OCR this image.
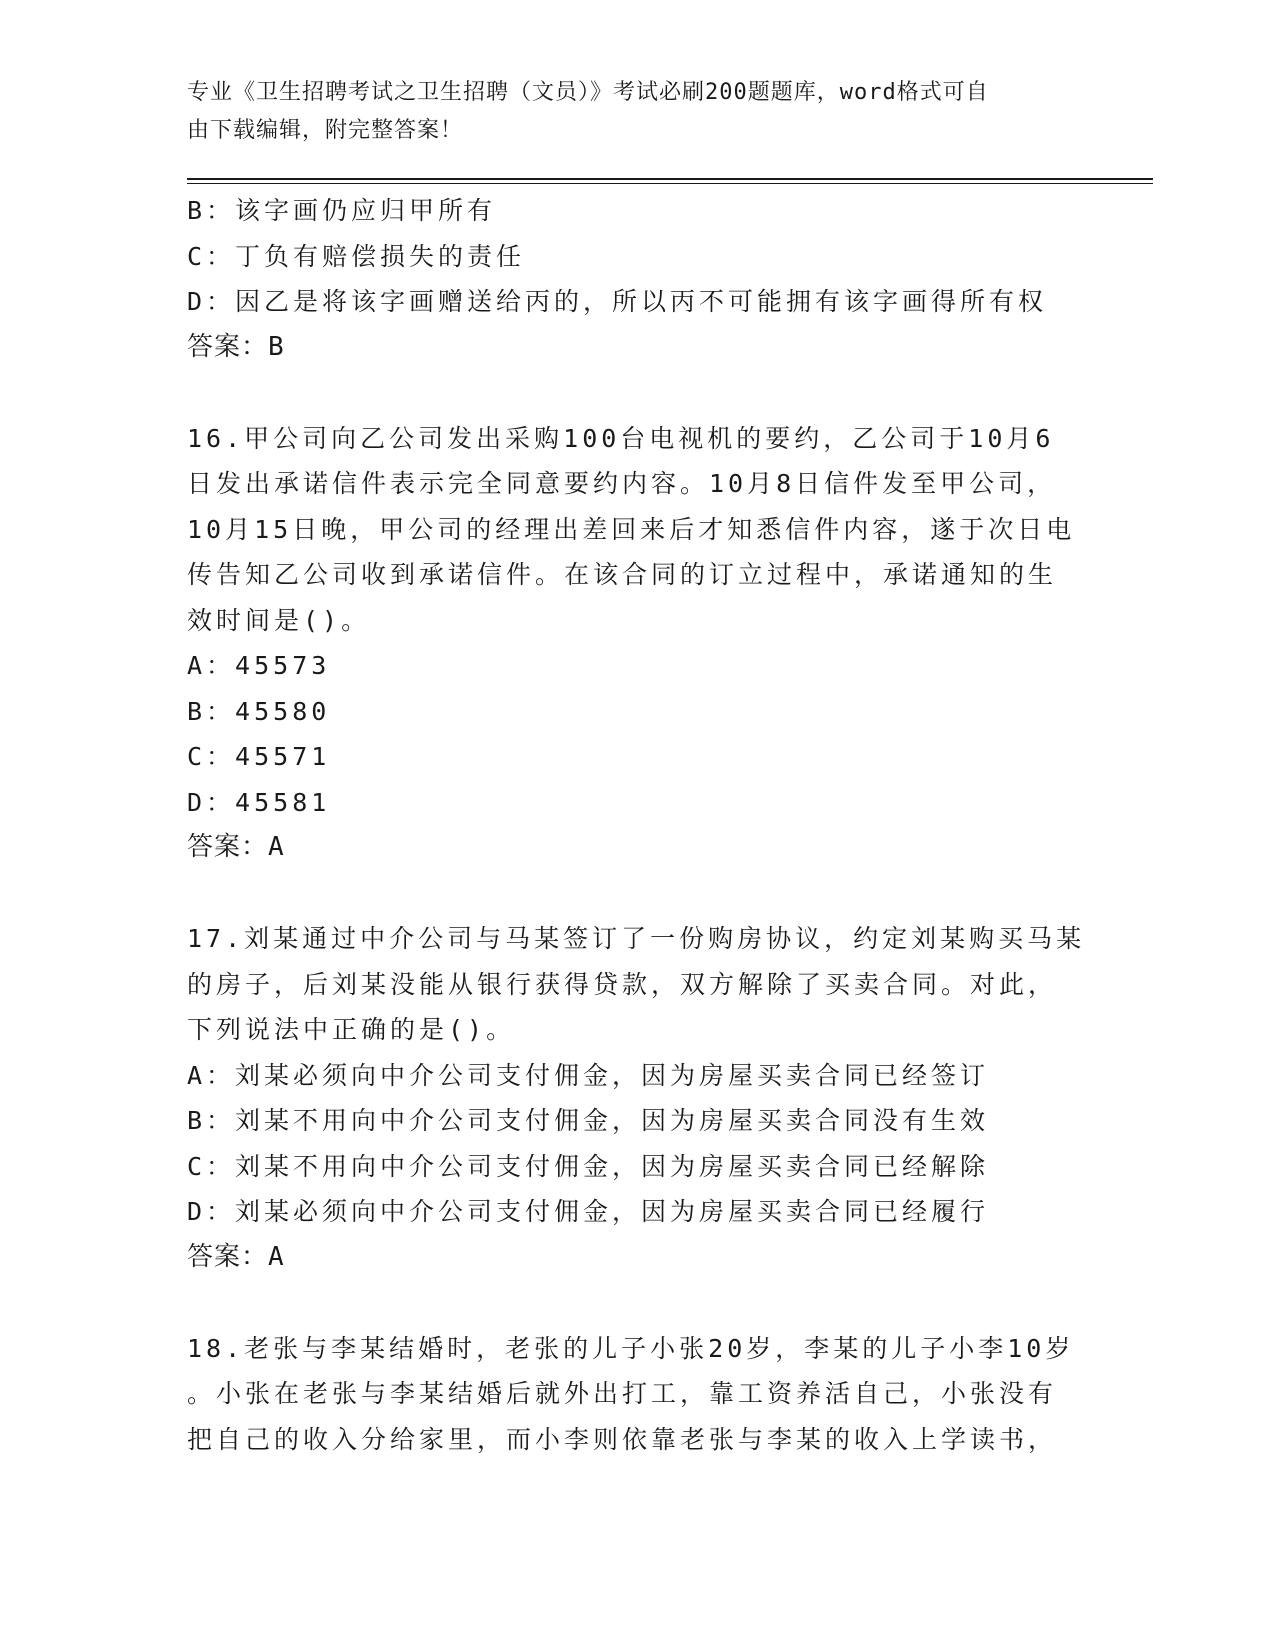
专业《卫生招聘考试之卫生招聘（文员）》考试必刷200题题库，word格式可自
由下载编辑，附完整答案！
B：该字画仍应归甲所有
C：丁负有赔偿损失的责任
D：因乙是将该字画赠送给丙的，所以丙不可能拥有该字画得所有权
答案：B
16.甲公司向乙公司发出采购100台电视机的要约，乙公司于10月6
日发出承诺信件表示完全同意要约内容。10月8日信件发至甲公司，
10月15日晚，甲公司的经理出差回来后才知悉信件内容，遂于次日电
传告知乙公司收到承诺信件。在该合同的订立过程中，承诺通知的生
效时间是()。
A：45573
B：45580
C：45571
D：45581
答案：A
17.刘某通过中介公司与马某签订了一份购房协议，约定刘某购买马某
的房子，后刘某没能从银行获得贷款，双方解除了买卖合同。对此，
下列说法中正确的是()。
A：刘某必须向中介公司支付佣金，因为房屋买卖合同已经签订
B：刘某不用向中介公司支付佣金，因为房屋买卖合同没有生效
C：刘某不用向中介公司支付佣金，因为房屋买卖合同已经解除
D：刘某必须向中介公司支付佣金，因为房屋买卖合同已经履行
答案：A
18.老张与李某结婚时，老张的儿子小张20岁，李某的儿子小李10岁
。小张在老张与李某结婚后就外出打工，靠工资养活自己，小张没有
把自己的收入分给家里，而小李则依靠老张与李某的收入上学读书，
